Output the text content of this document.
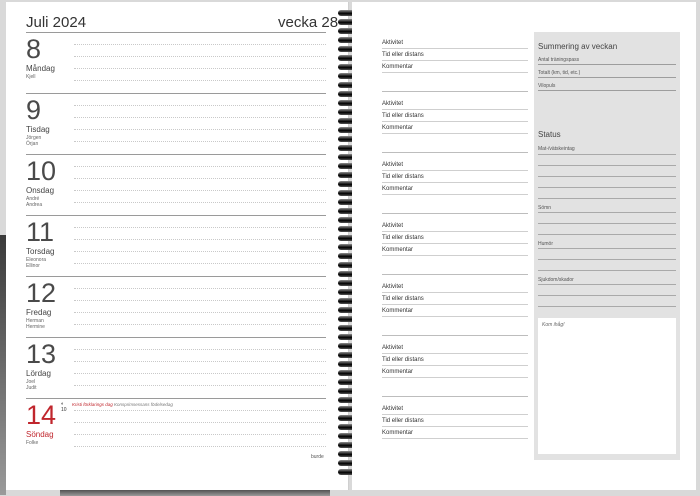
Juli 2024	vecka 28
8
Måndag
Kjell
9
Tisdag
Jörgen
Örjan
10
Onsdag
André
Andrea
11
Torsdag
Eleonora
Ellinor
12
Fredag
Herman
Hermine
13
Lördag
Joel
Judit
14
Söndag
Folke
◐
10
Kristi förklarings dag Konsprimsessans födelsedag
burde
Aktivitet
Tid eller distans
Kommentar
Aktivitet
Tid eller distans
Kommentar
Aktivitet
Tid eller distans
Kommentar
Aktivitet
Tid eller distans
Kommentar
Aktivitet
Tid eller distans
Kommentar
Aktivitet
Tid eller distans
Kommentar
Aktivitet
Tid eller distans
Kommentar
Summering av veckan
Antal träningspass
Totalt (km, tid, etc.)
Vilopuls
Status
Mat-/vätskeintag
Sömn
Humör
Sjukdom/skador
Kom ihåg!
